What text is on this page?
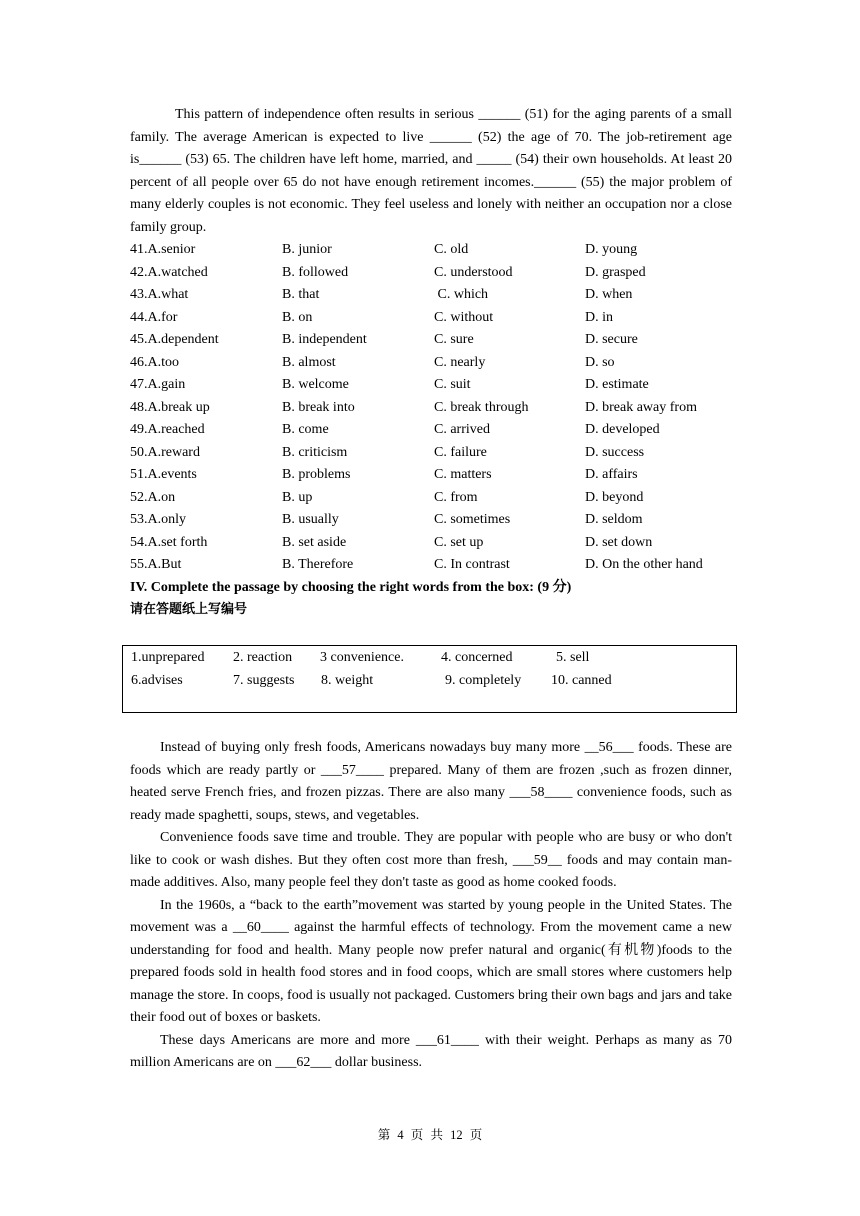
This pattern of independence often results in serious ______ (51) for the aging parents of a small family. The average American is expected to live ______ (52) the age of 70. The job-retirement age is______ (53) 65. The children have left home, married, and _____ (54) their own households. At least 20 percent of all people over 65 do not have enough retirement incomes.______ (55) the major problem of many elderly couples is not economic. They feel useless and lonely with neither an occupation nor a close family group.

41.A.senior	B. junior	C. old	D. young
42.A.watched	B. followed	C. understood	D. grasped
43.A.what	B. that	C. which	D. when
44.A.for	B. on	C. without	D. in
45.A.dependent	B. independent	C. sure	D. secure
46.A.too	B. almost	C. nearly	D. so
47.A.gain	B. welcome	C. suit	D. estimate
48.A.break up	B. break into	C. break through	D. break away from
49.A.reached	B. come	C. arrived	D. developed
50.A.reward	B. criticism	C. failure	D. success
51.A.events	B. problems	C. matters	D. affairs
52.A.on	B. up	C. from	D. beyond
53.A.only	B. usually	C. sometimes	D. seldom
54.A.set forth	B. set aside	C. set up	D. set down
55.A.But	B. Therefore	C. In contrast	D. On the other hand
IV. Complete the passage by choosing the right words from the box: (9 分)
请在答题纸上写编号
1.unprepared 2. reaction 3 convenience.	4. concerned	5. sell
6.advises	7. suggests 8. weight	9. completely 10. canned

Instead of buying only fresh foods, Americans nowadays buy many more __56___ foods. These are foods which are ready partly or ___57____ prepared. Many of them are frozen ,such as frozen dinner, heated serve French fries, and frozen pizzas. There are also many ___58____ convenience foods, such as ready made spaghetti, soups, stews, and vegetables.

Convenience foods save time and trouble. They are popular with people who are busy or who don't like to cook or wash dishes. But they often cost more than fresh, ___59__ foods and may contain man-made additives. Also, many people feel they don't taste as good as home cooked foods.

In the 1960s, a “back to the earth”movement was started by young people in the United States. The movement was a __60____ against the harmful effects of technology. From the movement came a new understanding for food and health. Many people now prefer natural and organic(有机物)foods to the prepared foods sold in health food stores and in food coops, which are small stores where customers help manage the store. In coops, food is usually not packaged. Customers bring their own bags and jars and take their food out of boxes or baskets.

These days Americans are more and more ___61____ with their weight. Perhaps as many as 70 million Americans are on ___62___ dollar business.

第 4 页 共 12 页
